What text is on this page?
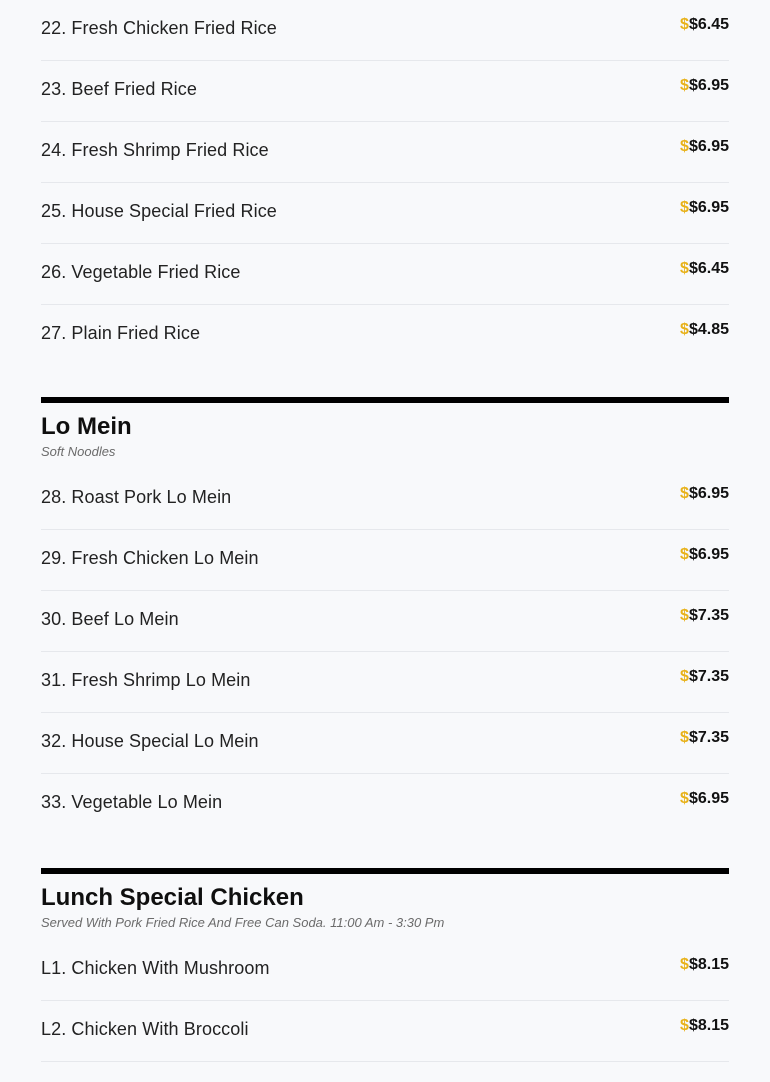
22. Fresh Chicken Fried Rice	$$6.45
23. Beef Fried Rice	$$6.95
24. Fresh Shrimp Fried Rice	$$6.95
25. House Special Fried Rice	$$6.95
26. Vegetable Fried Rice	$$6.45
27. Plain Fried Rice	$$4.85
Lo Mein
Soft Noodles
28. Roast Pork Lo Mein	$$6.95
29. Fresh Chicken Lo Mein	$$6.95
30. Beef Lo Mein	$$7.35
31. Fresh Shrimp Lo Mein	$$7.35
32. House Special Lo Mein	$$7.35
33. Vegetable Lo Mein	$$6.95
Lunch Special Chicken
Served With Pork Fried Rice And Free Can Soda. 11:00 Am - 3:30 Pm
L1. Chicken With Mushroom	$$8.15
L2. Chicken With Broccoli	$$8.15
